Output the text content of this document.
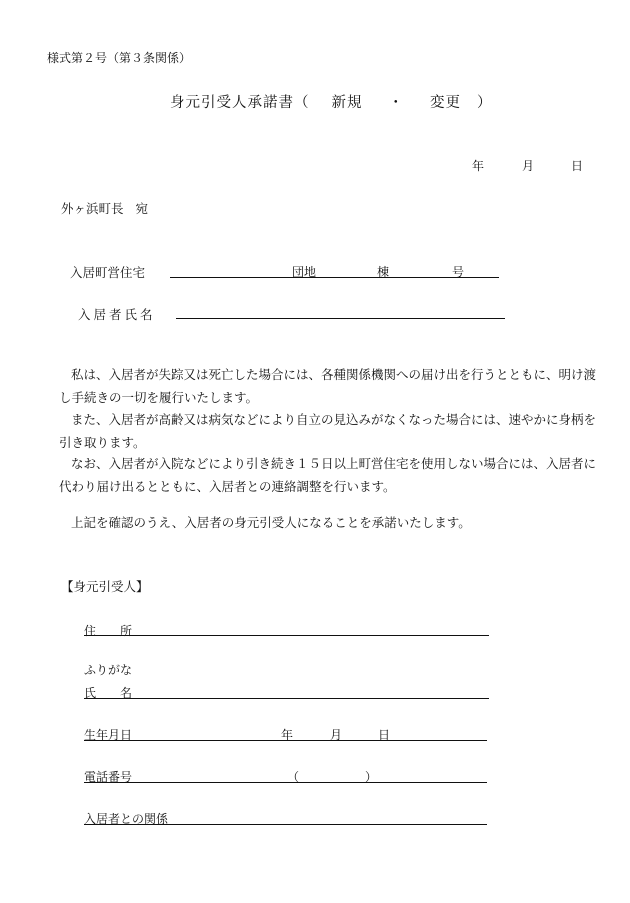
様式第２号（第３条関係）
身元引受人承諾書（ 新規 ・ 変更 ）
年	月	日
外ヶ浜町長 宛
入居町営住宅	団地	棟	号
入居者氏名
私は、入居者が失踪又は死亡した場合には、各種関係機関への届け出を行うとともに、明け渡し手続きの一切を履行いたします。
また、入居者が高齢又は病気などにより自立の見込みがなくなった場合には、速やかに身柄を引き取ります。
なお、入居者が入院などにより引き続き１５日以上町営住宅を使用しない場合には、入居者に代わり届け出るとともに、入居者との連絡調整を行います。
上記を確認のうえ、入居者の身元引受人になることを承諾いたします。
【身元引受人】
住　　所
ふりがな
氏　　名
生年月日	年	月	日
電話番号	（	）
入居者との関係
